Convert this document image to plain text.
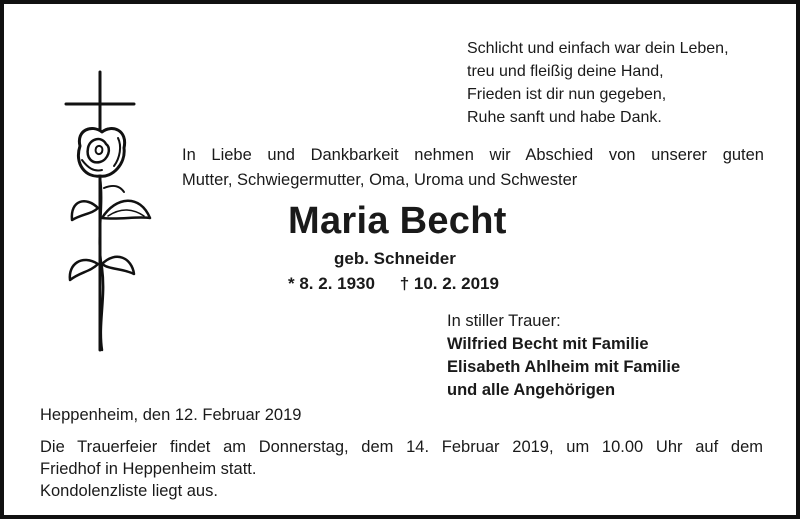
Schlicht und einfach war dein Leben,
treu und fleißig deine Hand,
Frieden ist dir nun gegeben,
Ruhe sanft und habe Dank.
In Liebe und Dankbarkeit nehmen wir Abschied von unserer guten
Mutter, Schwiegermutter, Oma, Uroma und Schwester
Maria Becht
geb. Schneider
* 8. 2. 1930 † 10. 2. 2019
In stiller Trauer:
Wilfried Becht mit Familie
Elisabeth Ahlheim mit Familie
und alle Angehörigen
Heppenheim, den 12. Februar 2019
Die Trauerfeier findet am Donnerstag, dem 14. Februar 2019, um 10.00 Uhr auf dem
Friedhof in Heppenheim statt.
Kondolenzliste liegt aus.
